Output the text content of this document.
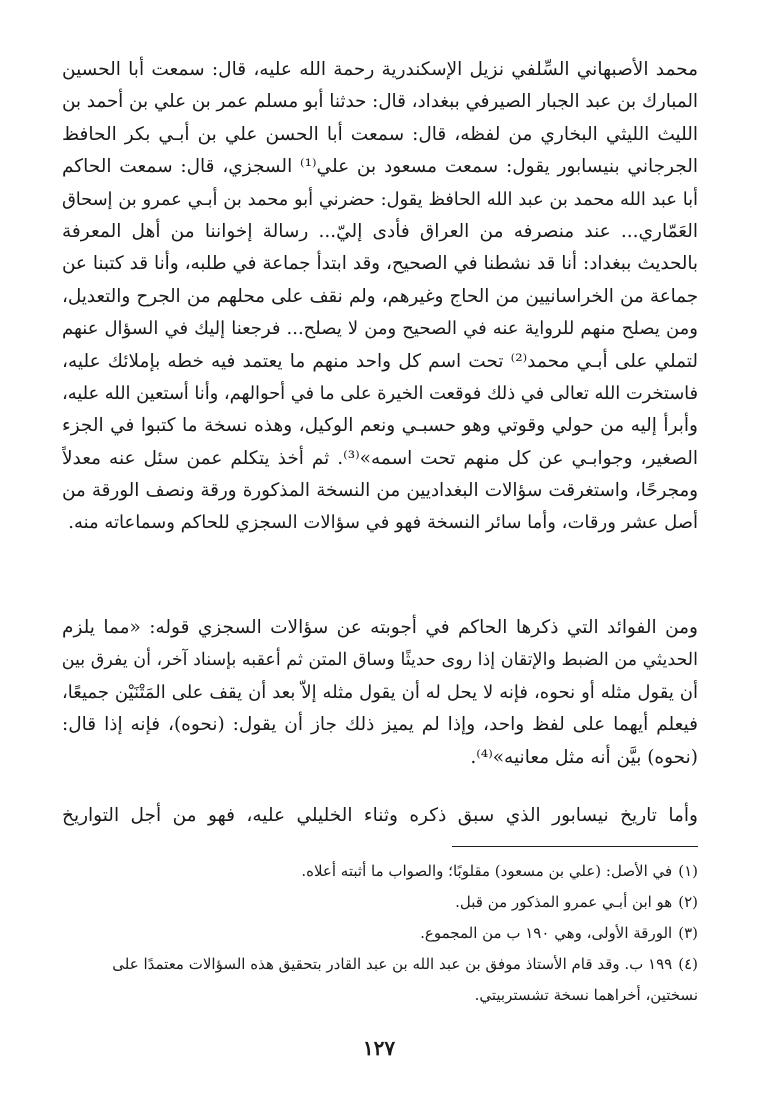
محمد الأصبهاني السِّلفي نزيل الإسكندرية رحمة الله عليه، قال: سمعت أبا الحسين
المبارك بن عبد الجبار الصيرفي ببغداد، قال: حدثنا أبو مسلم عمر بن علي بن أحمد بن
الليث الليثي البخاري من لفظه، قال: سمعت أبا الحسن علي بن أبـي بكر الحافظ
الجرجاني بنيسابور يقول: سمعت مسعود بن علي⁽¹⁾ السجزي، قال: سمعت الحاكم
أبا عبد الله محمد بن عبد الله الحافظ يقول: حضرني أبو محمد بن أبـي عمرو بن إسحاق
العَمّاري... عند منصرفه من العراق فأدى إليّ... رسالة إخواننا من أهل المعرفة
بالحديث ببغداد: أنا قد نشطنا في الصحيح، وقد ابتدأ جماعة في طلبه، وأنا قد كتبنا عن
جماعة من الخراسانيين من الحاج وغيرهم، ولم نقف على محلهم من الجرح والتعديل،
ومن يصلح منهم للرواية عنه في الصحيح ومن لا يصلح... فرجعنا إليك في السؤال عنهم
لتملي على أبـي محمد⁽²⁾ تحت اسم كل واحد منهم ما يعتمد فيه خطه بإملائك عليه،
فاستخرت الله تعالى في ذلك فوقعت الخيرة على ما في أحوالهم، وأنا أستعين الله عليه،
وأبرأ إليه من حولي وقوتي وهو حسبـي ونعم الوكيل، وهذه نسخة ما كتبوا في الجزء
الصغير، وجوابـي عن كل منهم تحت اسمه»⁽³⁾. ثم أخذ يتكلم عمن سئل عنه معدلاً
ومجرحًا، واستغرقت سؤالات البغداديين من النسخة المذكورة ورقة ونصف الورقة من
أصل عشر ورقات، وأما سائر النسخة فهو في سؤالات السجزي للحاكم وسماعاته منه.
ومن الفوائد التي ذكرها الحاكم في أجوبته عن سؤالات السجزي قوله: «مما يلزم
الحديثي من الضبط والإتقان إذا روى حديثًا وساق المتن ثم أعقبه بإسناد آخر، أن يفرق بين
أن يقول مثله أو نحوه، فإنه لا يحل له أن يقول مثله إلاّ بعد أن يقف على المَتْنَيْن جميعًا،
فيعلم أيهما على لفظ واحد، وإذا لم يميز ذلك جاز أن يقول: (نحوه)، فإنه إذا قال:
(نحوه) بيَّن أنه مثل معانيه»⁽⁴⁾.
وأما تاريخ نيسابور الذي سبق ذكره وثناء الخليلي عليه، فهو من أجل التواريخ
(١)في الأصل: (علي بن مسعود) مقلوبًا؛ والصواب ما أثبته أعلاه.
(٢)هو ابن أبـي عمرو المذكور من قبل.
(٣)الورقة الأولى، وهي ١٩٠ ب من المجموع.
(٤)١٩٩ ب. وقد قام الأستاذ موفق بن عبد الله بن عبد القادر بتحقيق هذه السؤالات معتمدًا على
نسختين، أخراهما نسخة تشستربيتي.
١٢٧
